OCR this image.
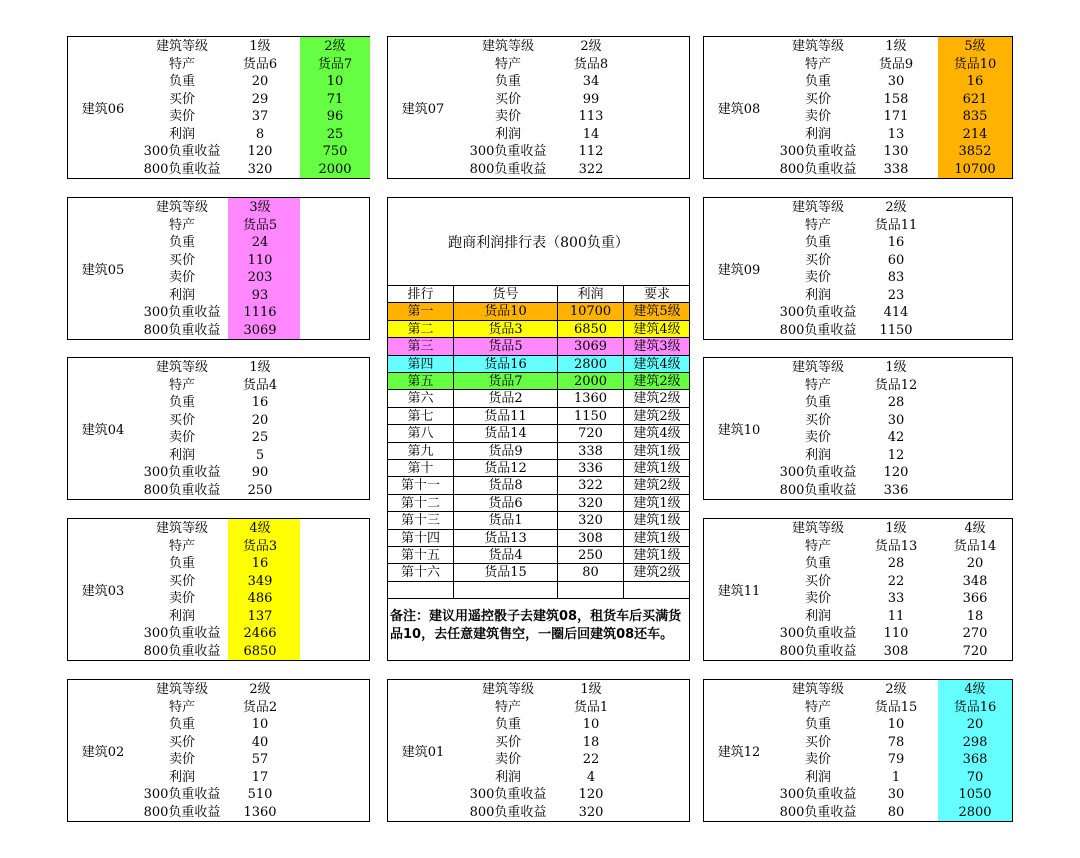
建筑06
建筑等级	1级	2级
特产	货品6	货品7
负重	20	10
买价	29	71
卖价	37	96
利润	8	25
300负重收益	120	750
800负重收益	320	2000
建筑07
建筑等级	2级
特产	货品8
负重	34
买价	99
卖价	113
利润	14
300负重收益	112
800负重收益	322
建筑08
建筑等级	1级	5级
特产	货品9	货品10
负重	30	16
买价	158	621
卖价	171	835
利润	13	214
300负重收益	130	3852
800负重收益	338	10700
建筑05
建筑等级	3级
特产	货品5
负重	24
买价	110
卖价	203
利润	93
300负重收益	1116
800负重收益	3069
建筑09
建筑等级	2级
特产	货品11
负重	16
买价	60
卖价	83
利润	23
300负重收益	414
800负重收益	1150
建筑04
建筑等级	1级
特产	货品4
负重	16
买价	20
卖价	25
利润	5
300负重收益	90
800负重收益	250
建筑10
建筑等级	1级
特产	货品12
负重	28
买价	30
卖价	42
利润	12
300负重收益	120
800负重收益	336
建筑03
建筑等级	4级
特产	货品3
负重	16
买价	349
卖价	486
利润	137
300负重收益	2466
800负重收益	6850
建筑11
建筑等级	1级	4级
特产	货品13	货品14
负重	28	20
买价	22	348
卖价	33	366
利润	11	18
300负重收益	110	270
800负重收益	308	720
建筑02
建筑等级	2级
特产	货品2
负重	10
买价	40
卖价	57
利润	17
300负重收益	510
800负重收益	1360
建筑01
建筑等级	1级
特产	货品1
负重	10
买价	18
卖价	22
利润	4
300负重收益	120
800负重收益	320
建筑12
建筑等级	2级	4级
特产	货品15	货品16
负重	10	20
买价	78	298
卖价	79	368
利润	1	70
300负重收益	30	1050
800负重收益	80	2800
跑商利润排行表（800负重）
排行	货号	利润	要求
第一	货品10	10700	建筑5级
第二	货品3	6850	建筑4级
第三	货品5	3069	建筑3级
第四	货品16	2800	建筑4级
第五	货品7	2000	建筑2级
第六	货品2	1360	建筑2级
第七	货品11	1150	建筑2级
第八	货品14	720	建筑4级
第九	货品9	338	建筑1级
第十	货品12	336	建筑1级
第十一	货品8	322	建筑2级
第十二	货品6	320	建筑1级
第十三	货品1	320	建筑1级
第十四	货品13	308	建筑1级
第十五	货品4	250	建筑1级
第十六	货品15	80	建筑2级
备注：建议用遥控骰子去建筑08，租货车后买满货品10，去任意建筑售空，一圈后回建筑08还车。
